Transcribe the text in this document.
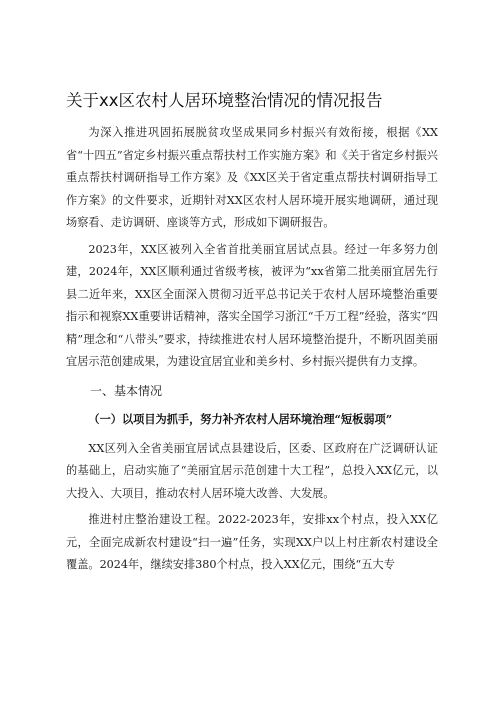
关于xx区农村人居环境整治情况的情况报告

为深入推进巩固拓展脱贫攻坚成果同乡村振兴有效衔接，根据《XX省“十四五”省定乡村振兴重点帮扶村工作实施方案》和《关于省定乡村振兴重点帮扶村调研指导工作方案》及《XX区关于省定重点帮扶村调研指导工作方案》的文件要求，近期针对XX区农村人居环境开展实地调研，通过现场察看、走访调研、座谈等方式，形成如下调研报告。

2023年，XX区被列入全省首批美丽宜居试点县。经过一年多努力创建，2024年，XX区顺利通过省级考核，被评为“xx省第二批美丽宜居先行县二近年来，XX区全面深入贯彻习近平总书记关于农村人居环境整治重要指示和视察XX重要讲话精神，落实全国学习浙江“千万工程”经验，落实“四精”理念和“八带头”要求，持续推进农村人居环境整治提升，不断巩固美丽宜居示范创建成果，为建设宜居宜业和美乡村、乡村振兴提供有力支撑。

一、基本情况
（一）以项目为抓手，努力补齐农村人居环境治理“短板弱项”

XX区列入全省美丽宜居试点县建设后，区委、区政府在广泛调研认证的基础上，启动实施了“美丽宜居示范创建十大工程”，总投入XX亿元，以大投入、大项目，推动农村人居环境大改善、大发展。

推进村庄整治建设工程。2022-2023年，安排xx个村点，投入XX亿元，全面完成新农村建设“扫一遍”任务，实现XX户以上村庄新农村建设全覆盖。2024年，继续安排380个村点，投入XX亿元，围绕“五大专
